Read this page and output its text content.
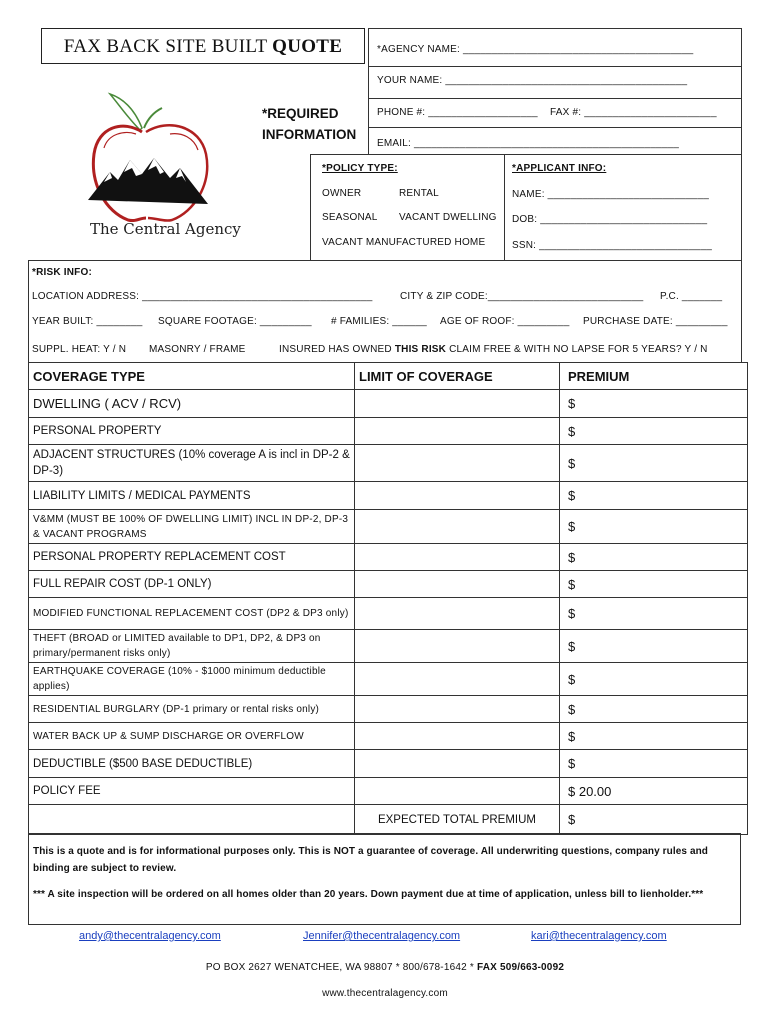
FAX BACK SITE BUILT QUOTE
The Central Agency
*REQUIRED
INFORMATION
*AGENCY NAME: ________________________________________
YOUR NAME: __________________________________________
PHONE #: ___________________ FAX #: _______________________
EMAIL: ______________________________________________
*POLICY TYPE:
OWNER	RENTAL
SEASONAL VACANT DWELLING
VACANT MANUFACTURED HOME
*APPLICANT INFO:
NAME: ____________________________
DOB: _____________________________
SSN: ______________________________
*RISK INFO:
LOCATION ADDRESS: ________________________________________	CITY & ZIP CODE:___________________________ P.C. _______
YEAR BUILT: ________ SQUARE FOOTAGE: _________ # FAMILIES: ______ AGE OF ROOF: _________ PURCHASE DATE: _________
SUPPL. HEAT: Y / N MASONRY / FRAME	INSURED HAS OWNED THIS RISK CLAIM FREE & WITH NO LAPSE FOR 5 YEARS? Y / N
COVERAGE TYPE	LIMIT OF COVERAGE	PREMIUM
DWELLING ( ACV / RCV)		$
PERSONAL PROPERTY		$
ADJACENT STRUCTURES (10% coverage A is incl in DP-2 & DP-3)		$
LIABILITY LIMITS / MEDICAL PAYMENTS		$
V&MM (MUST BE 100% OF DWELLING LIMIT) INCL IN DP-2, DP-3 & VACANT PROGRAMS		$
PERSONAL PROPERTY REPLACEMENT COST		$
FULL REPAIR COST (DP-1 ONLY)		$
MODIFIED FUNCTIONAL REPLACEMENT COST (DP2 & DP3 only)		$
THEFT (BROAD or LIMITED available to DP1, DP2, & DP3 on primary/permanent risks only)		$
EARTHQUAKE COVERAGE (10% - $1000 minimum deductible applies)		$
RESIDENTIAL BURGLARY (DP-1 primary or rental risks only)		$
WATER BACK UP & SUMP DISCHARGE OR OVERFLOW		$
DEDUCTIBLE ($500 BASE DEDUCTIBLE)		$
POLICY FEE		$ 20.00
	EXPECTED TOTAL PREMIUM	$
This is a quote and is for informational purposes only. This is NOT a guarantee of coverage. All underwriting questions, company rules and binding are subject to review.
*** A site inspection will be ordered on all homes older than 20 years. Down payment due at time of application, unless bill to lienholder.***
andy@thecentralagency.com	Jennifer@thecentralagency.com	kari@thecentralagency.com
PO BOX 2627 WENATCHEE, WA 98807 * 800/678-1642 * FAX 509/663-0092
www.thecentralagency.com
